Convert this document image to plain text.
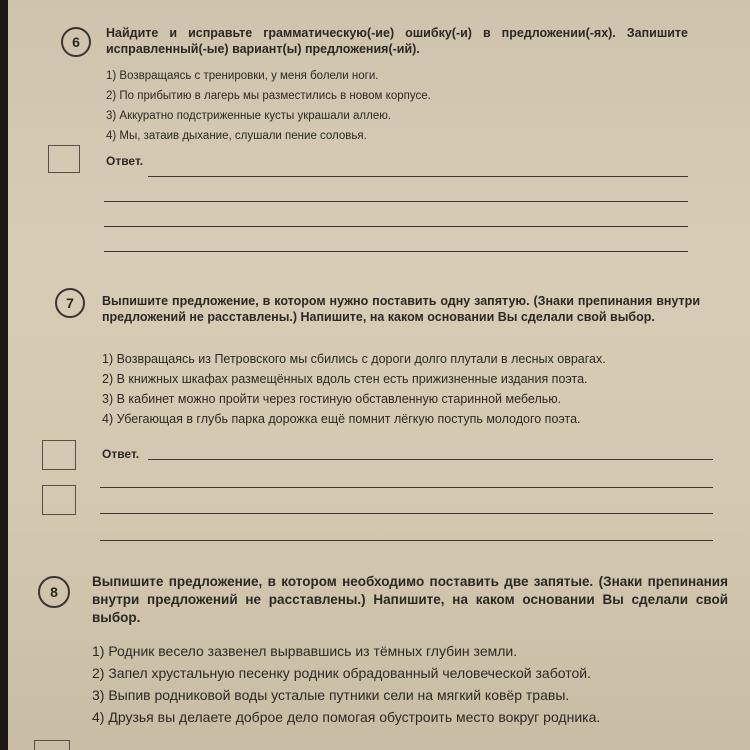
6
Найдите и исправьте грамматическую(-ие) ошибку(-и) в предложении(-ях). Запишите исправленный(-ые) вариант(ы) предложения(-ий).
1) Возвращаясь с тренировки, у меня болели ноги.
2) По прибытию в лагерь мы разместились в новом корпусе.
3) Аккуратно подстриженные кусты украшали аллею.
4) Мы, затаив дыхание, слушали пение соловья.
Ответ.
7	Выпишите предложение, в котором нужно поставить одну запятую. (Знаки препинания внутри предложений не расставлены.) Напишите, на каком основании Вы сделали свой выбор.
1) Возвращаясь из Петровского мы сбились с дороги долго плутали в лесных оврагах.
2) В книжных шкафах размещённых вдоль стен есть прижизненные издания поэта.
3) В кабинет можно пройти через гостиную обставленную старинной мебелью.
4) Убегающая в глубь парка дорожка ещё помнит лёгкую поступь молодого поэта.
Ответ.
8
Выпишите предложение, в котором необходимо поставить две запятые. (Знаки препинания внутри предложений не расставлены.) Напишите, на каком основании Вы сделали свой выбор.
1) Родник весело зазвенел вырвавшись из тёмных глубин земли.
2) Запел хрустальную песенку родник обрадованный человеческой заботой.
3) Выпив родниковой воды усталые путники сели на мягкий ковёр травы.
4) Друзья вы делаете доброе дело помогая обустроить место вокруг родника.
